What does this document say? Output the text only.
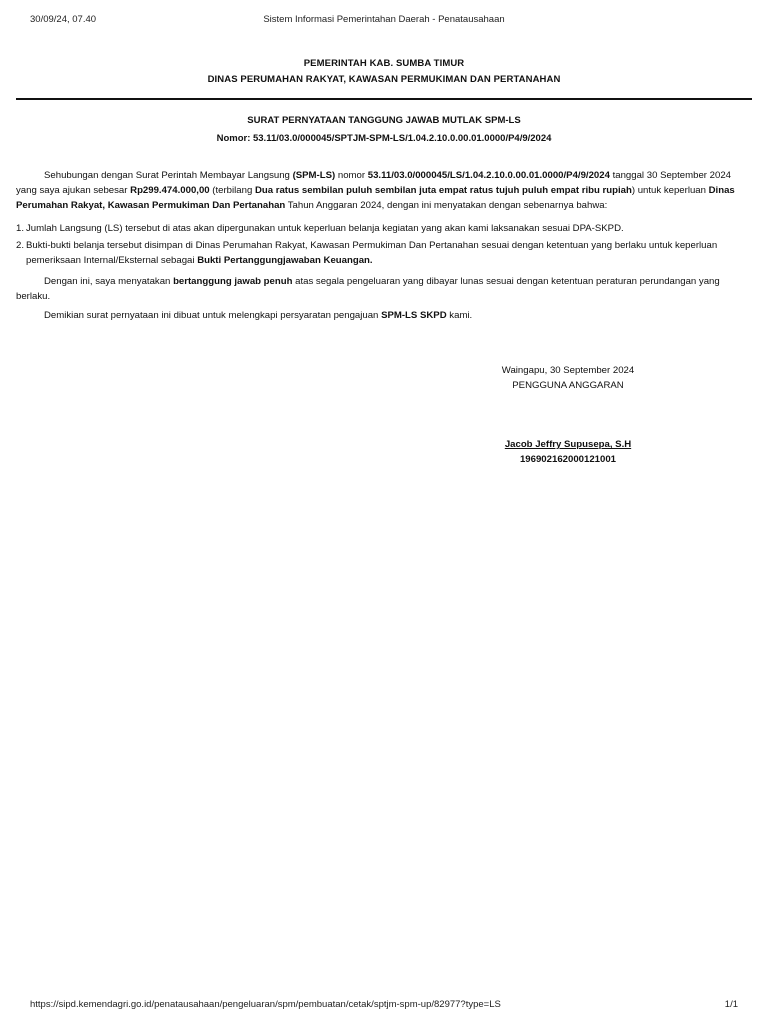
30/09/24, 07.40	Sistem Informasi Pemerintahan Daerah - Penatausahaan
PEMERINTAH KAB. SUMBA TIMUR
DINAS PERUMAHAN RAKYAT, KAWASAN PERMUKIMAN DAN PERTANAHAN
SURAT PERNYATAAN TANGGUNG JAWAB MUTLAK SPM-LS
Nomor: 53.11/03.0/000045/SPTJM-SPM-LS/1.04.2.10.0.00.01.0000/P4/9/2024

Sehubungan dengan Surat Perintah Membayar Langsung (SPM-LS) nomor 53.11/03.0/000045/LS/1.04.2.10.0.00.01.0000/P4/9/2024 tanggal 30 September 2024 yang saya ajukan sebesar Rp299.474.000,00 (terbilang Dua ratus sembilan puluh sembilan juta empat ratus tujuh puluh empat ribu rupiah) untuk keperluan Dinas Perumahan Rakyat, Kawasan Permukiman Dan Pertanahan Tahun Anggaran 2024, dengan ini menyatakan dengan sebenarnya bahwa:

1. Jumlah Langsung (LS) tersebut di atas akan dipergunakan untuk keperluan belanja kegiatan yang akan kami laksanakan sesuai DPA-SKPD.
2. Bukti-bukti belanja tersebut disimpan di Dinas Perumahan Rakyat, Kawasan Permukiman Dan Pertanahan sesuai dengan ketentuan yang berlaku untuk keperluan pemeriksaan Internal/Eksternal sebagai Bukti Pertanggungjawaban Keuangan.

Dengan ini, saya menyatakan bertanggung jawab penuh atas segala pengeluaran yang dibayar lunas sesuai dengan ketentuan peraturan perundangan yang berlaku.

Demikian surat pernyataan ini dibuat untuk melengkapi persyaratan pengajuan SPM-LS SKPD kami.

Waingapu, 30 September 2024
PENGGUNA ANGGARAN
Jacob Jeffry Supusepa, S.H
196902162000121001
https://sipd.kemendagri.go.id/penatausahaan/pengeluaran/spm/pembuatan/cetak/sptjm-spm-up/82977?type=LS	1/1
